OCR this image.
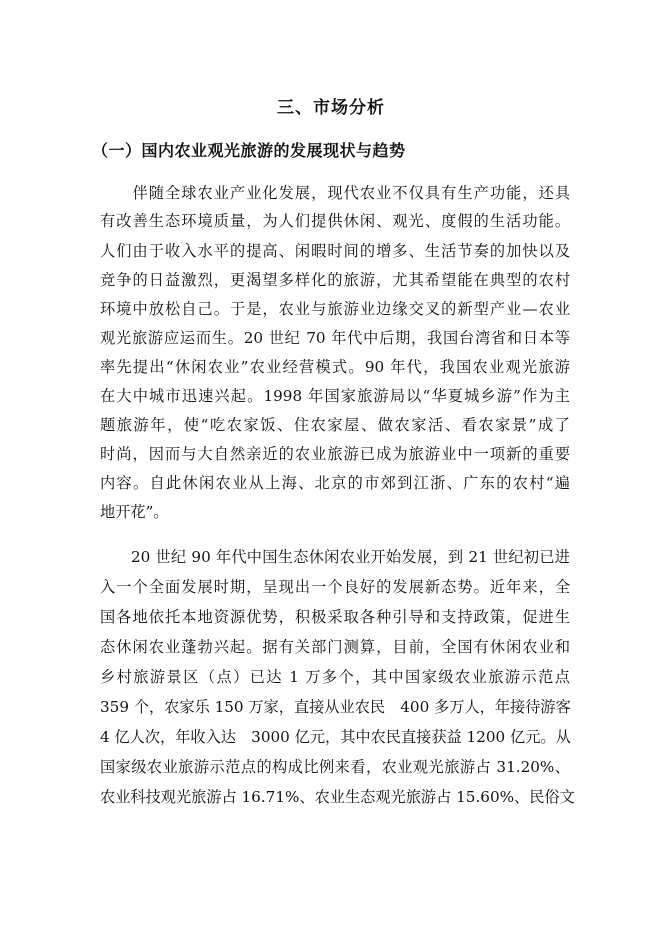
三、市场分析
（一）国内农业观光旅游的发展现状与趋势
　　伴随全球农业产业化发展，现代农业不仅具有生产功能，还具
有改善生态环境质量，为人们提供休闲、观光、度假的生活功能。
人们由于收入水平的提高、闲暇时间的增多、生活节奏的加快以及
竞争的日益激烈，更渴望多样化的旅游，尤其希望能在典型的农村
环境中放松自己。于是，农业与旅游业边缘交叉的新型产业—农业
观光旅游应运而生。20 世纪 70 年代中后期，我国台湾省和日本等
率先提出“休闲农业”农业经营模式。90 年代，我国农业观光旅游
在大中城市迅速兴起。1998 年国家旅游局以“华夏城乡游”作为主
题旅游年，使“吃农家饭、住农家屋、做农家活、看农家景”成了
时尚，因而与大自然亲近的农业旅游已成为旅游业中一项新的重要
内容。自此休闲农业从上海、北京的市郊到江浙、广东的农村“遍
地开花”。
　　20 世纪 90 年代中国生态休闲农业开始发展，到 21 世纪初已进
入一个全面发展时期，呈现出一个良好的发展新态势。近年来，全
国各地依托本地资源优势，积极采取各种引导和支持政策，促进生
态休闲农业蓬勃兴起。据有关部门测算，目前，全国有休闲农业和
乡村旅游景区（点）已达 1 万多个，其中国家级农业旅游示范点
359 个，农家乐 150 万家，直接从业农民　400 多万人，年接待游客
4 亿人次，年收入达　3000 亿元，其中农民直接获益 1200 亿元。从
国家级农业旅游示范点的构成比例来看，农业观光旅游占 31.20%、
农业科技观光旅游占 16.71%、农业生态观光旅游占 15.60%、民俗文
